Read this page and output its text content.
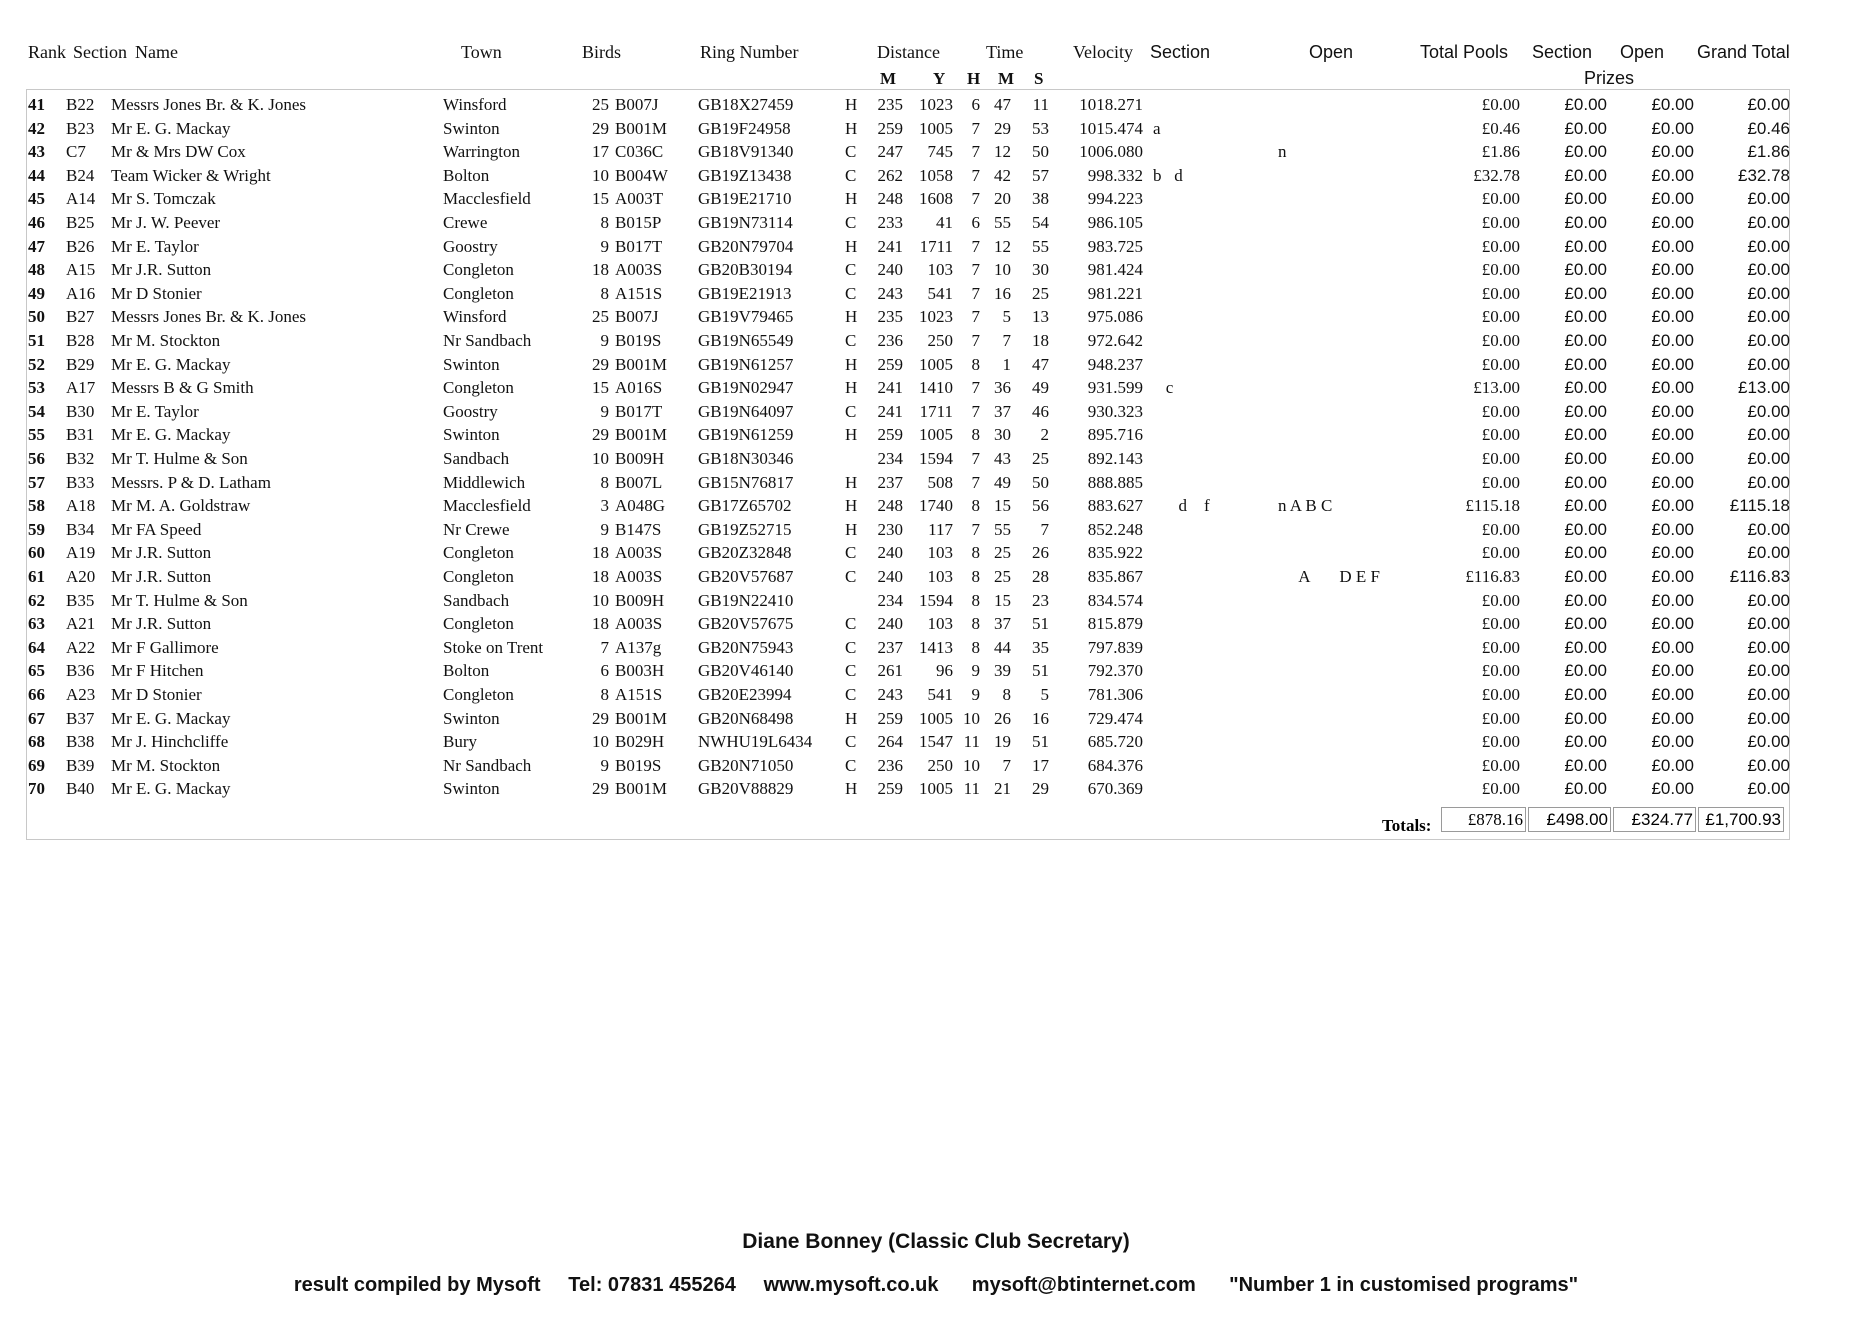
Rank Section Name	Town	Birds	Ring Number	Distance	Time	Velocity Section	Open	Total Pools Section Open Grand Total
M Y H M S	Prizes
41 B22 Messrs Jones Br. & K. Jones	Winsford	25 B007J GB18X27459	H 235 1023 6 47 11 1018.271	£0.00	£0.00	£0.00	£0.00
42 B23 Mr E. G. Mackay	Swinton	29 B001M GB19F24958	H 259 1005 7 29 53 1015.474 a	£0.46	£0.00	£0.00	£0.46
43 C7 Mr & Mrs DW Cox	Warrington	17 C036C GB18V91340	C 247 745 7 12 50 1006.080	n	£1.86	£0.00	£0.00	£1.86
44 B24 Team Wicker & Wright	Bolton	10 B004W GB19Z13438	C 262 1058 7 42 57 998.332 b   d	£32.78	£0.00	£0.00	£32.78
45 A14 Mr S. Tomczak	Macclesfield	15 A003T GB19E21710	H 248 1608 7 20 38 994.223	£0.00	£0.00	£0.00	£0.00
46 B25 Mr J. W. Peever	Crewe	8 B015P GB19N73114	C 233 41 6 55 54 986.105	£0.00	£0.00	£0.00	£0.00
47 B26 Mr E. Taylor	Goostry	9 B017T GB20N79704	H 241 1711 7 12 55 983.725	£0.00	£0.00	£0.00	£0.00
48 A15 Mr J.R. Sutton	Congleton	18 A003S GB20B30194	C 240 103 7 10 30 981.424	£0.00	£0.00	£0.00	£0.00
49 A16 Mr D Stonier	Congleton	8 A151S GB19E21913	C 243 541 7 16 25 981.221	£0.00	£0.00	£0.00	£0.00
50 B27 Messrs Jones Br. & K. Jones	Winsford	25 B007J GB19V79465	H 235 1023 7 5 13 975.086	£0.00	£0.00	£0.00	£0.00
51 B28 Mr M. Stockton	Nr Sandbach	9 B019S GB19N65549	C 236 250 7 7 18 972.642	£0.00	£0.00	£0.00	£0.00
52 B29 Mr E. G. Mackay	Swinton	29 B001M GB19N61257	H 259 1005 8 1 47 948.237	£0.00	£0.00	£0.00	£0.00
53 A17 Messrs B & G Smith	Congleton	15 A016S GB19N02947	H 241 1410 7 36 49 931.599 c	£13.00	£0.00	£0.00	£13.00
54 B30 Mr E. Taylor	Goostry	9 B017T GB19N64097	C 241 1711 7 37 46 930.323	£0.00	£0.00	£0.00	£0.00
55 B31 Mr E. G. Mackay	Swinton	29 B001M GB19N61259	H 259 1005 8 30 2 895.716	£0.00	£0.00	£0.00	£0.00
56 B32 Mr T. Hulme & Son	Sandbach	10 B009H GB18N30346	234 1594 7 43 25 892.143	£0.00	£0.00	£0.00	£0.00
57 B33 Messrs. P & D. Latham	Middlewich	8 B007L GB15N76817	H 237 508 7 49 50 888.885	£0.00	£0.00	£0.00	£0.00
58 A18 Mr M. A. Goldstraw	Macclesfield	3 A048G GB17Z65702	H 248 1740 8 15 56 883.627 d    f	n A B C	£115.18	£0.00	£0.00 £115.18
59 B34 Mr FA Speed	Nr Crewe	9 B147S GB19Z52715	H 230 117 7 55 7 852.248	£0.00	£0.00	£0.00	£0.00
60 A19 Mr J.R. Sutton	Congleton	18 A003S GB20Z32848	C 240 103 8 25 26 835.922	£0.00	£0.00	£0.00	£0.00
61 A20 Mr J.R. Sutton	Congleton	18 A003S GB20V57687	C 240 103 8 25 28 835.867	A       D E F	£116.83	£0.00	£0.00 £116.83
62 B35 Mr T. Hulme & Son	Sandbach	10 B009H GB19N22410	234 1594 8 15 23 834.574	£0.00	£0.00	£0.00	£0.00
63 A21 Mr J.R. Sutton	Congleton	18 A003S GB20V57675	C 240 103 8 37 51 815.879	£0.00	£0.00	£0.00	£0.00
64 A22 Mr F Gallimore	Stoke on Trent	7 A137g GB20N75943	C 237 1413 8 44 35 797.839	£0.00	£0.00	£0.00	£0.00
65 B36 Mr F Hitchen	Bolton	6 B003H GB20V46140	C 261 96 9 39 51 792.370	£0.00	£0.00	£0.00	£0.00
66 A23 Mr D Stonier	Congleton	8 A151S GB20E23994	C 243 541 9 8 5 781.306	£0.00	£0.00	£0.00	£0.00
67 B37 Mr E. G. Mackay	Swinton	29 B001M GB20N68498	H 259 1005 10 26 16 729.474	£0.00	£0.00	£0.00	£0.00
68 B38 Mr J. Hinchcliffe	Bury	10 B029H NWHU19L6434 C 264 1547 11 19 51 685.720	£0.00	£0.00	£0.00	£0.00
69 B39 Mr M. Stockton	Nr Sandbach	9 B019S GB20N71050	C 236 250 10 7 17 684.376	£0.00	£0.00	£0.00	£0.00
70 B40 Mr E. G. Mackay	Swinton	29 B001M GB20V88829	H 259 1005 11 21 29 670.369	£0.00	£0.00	£0.00	£0.00
Totals:	£878.16	£498.00	£324.77 £1,700.93
Diane Bonney (Classic Club Secretary)
result compiled by Mysoft     Tel: 07831 455264     www.mysoft.co.uk      mysoft@btinternet.com      "Number 1 in customised programs"
